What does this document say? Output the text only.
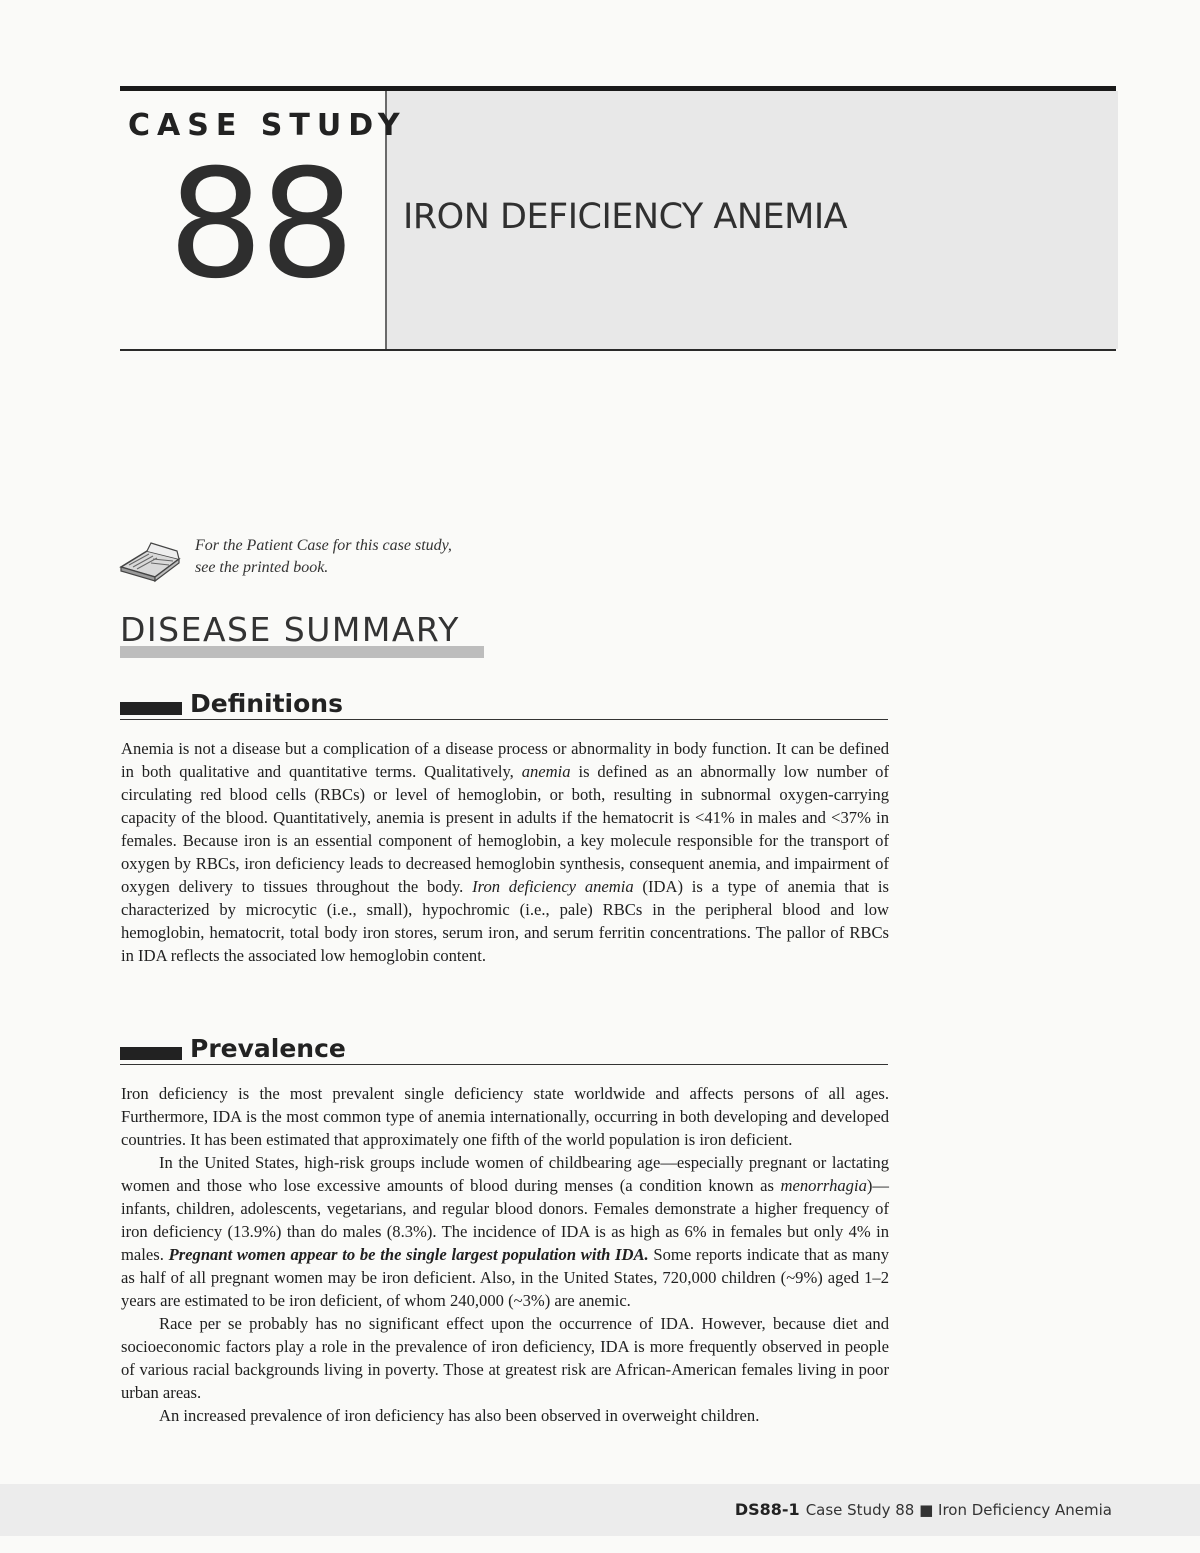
CASE STUDY
88 IRON DEFICIENCY ANEMIA
For the Patient Case for this case study,
see the printed book.
DISEASE SUMMARY
Definitions

Anemia is not a disease but a complication of a disease process or abnormality in body function. It can be defined in both qualitative and quantitative terms. Qualitatively, anemia is defined as an abnormally low number of circulating red blood cells (RBCs) or level of hemoglobin, or both, resulting in subnormal oxygen-carrying capacity of the blood. Quantitatively, anemia is present in adults if the hematocrit is <41% in males and <37% in females. Because iron is an essential component of hemoglobin, a key molecule responsible for the transport of oxygen by RBCs, iron deficiency leads to decreased hemoglobin synthesis, consequent anemia, and impairment of oxygen delivery to tissues throughout the body. Iron deficiency anemia (IDA) is a type of anemia that is characterized by microcytic (i.e., small), hypochromic (i.e., pale) RBCs in the peripheral blood and low hemoglobin, hematocrit, total body iron stores, serum iron, and serum ferritin concentrations. The pallor of RBCs in IDA reflects the associated low hemoglobin content.

Prevalence

Iron deficiency is the most prevalent single deficiency state worldwide and affects persons of all ages. Furthermore, IDA is the most common type of anemia internationally, occurring in both developing and developed countries. It has been estimated that approximately one fifth of the world population is iron deficient.

In the United States, high-risk groups include women of childbearing age—especially pregnant or lactating women and those who lose excessive amounts of blood during menses (a condition known as menorrhagia)—infants, children, adolescents, vegetarians, and regular blood donors. Females demonstrate a higher frequency of iron deficiency (13.9%) than do males (8.3%). The incidence of IDA is as high as 6% in females but only 4% in males. Pregnant women appear to be the single largest population with IDA. Some reports indicate that as many as half of all pregnant women may be iron deficient. Also, in the United States, 720,000 children (~9%) aged 1–2 years are estimated to be iron deficient, of whom 240,000 (~3%) are anemic.

Race per se probably has no significant effect upon the occurrence of IDA. However, because diet and socioeconomic factors play a role in the prevalence of iron deficiency, IDA is more frequently observed in people of various racial backgrounds living in poverty. Those at greatest risk are African-American females living in poor urban areas.

An increased prevalence of iron deficiency has also been observed in overweight children.

DS88-1 Case Study 88 ■ Iron Deficiency Anemia
